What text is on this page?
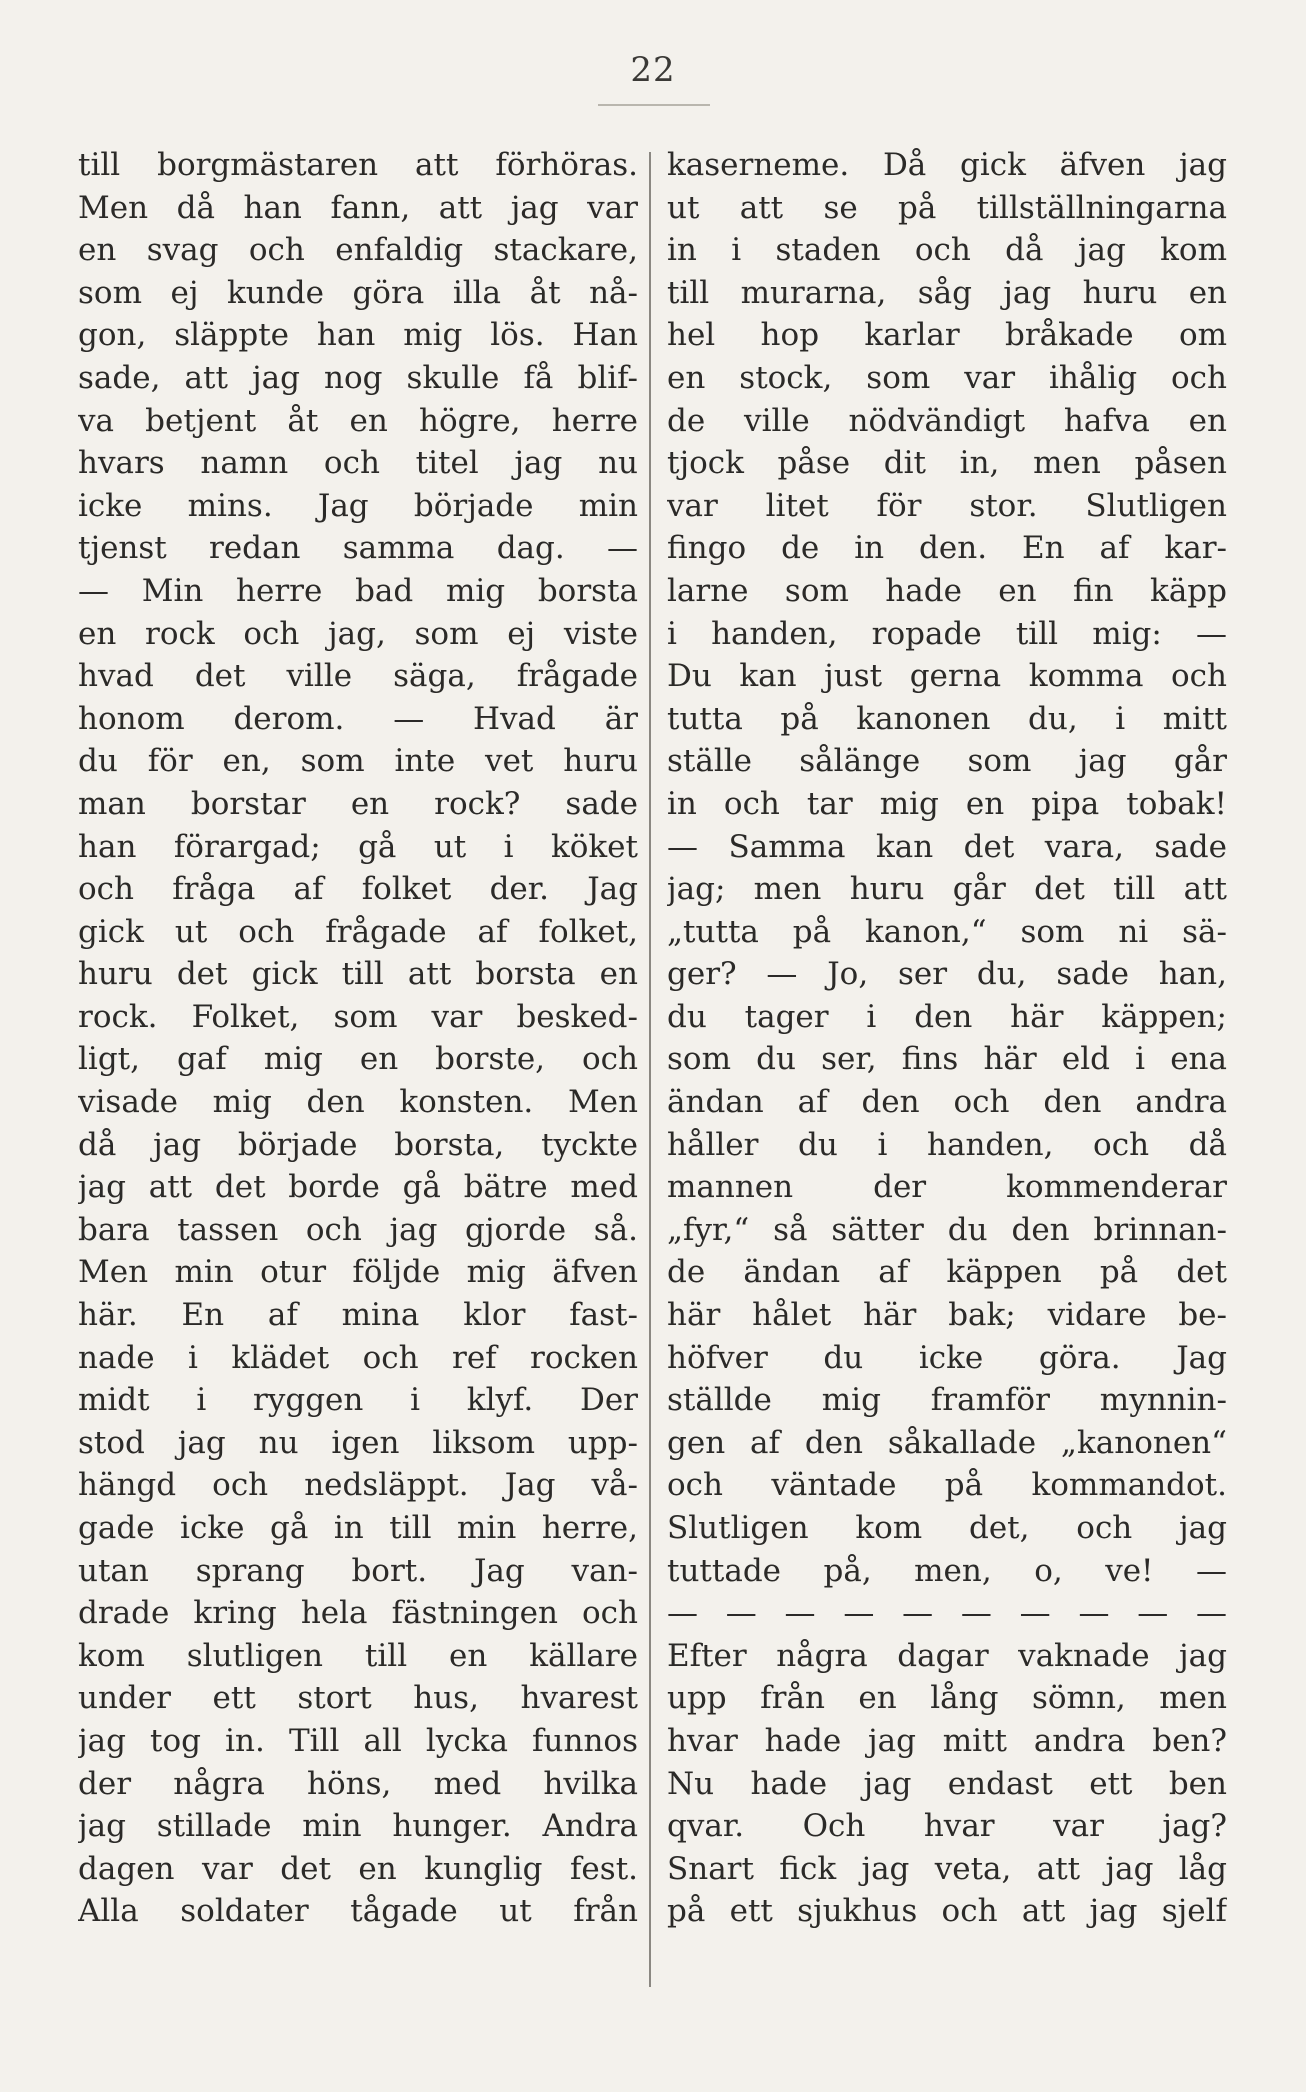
22
till borgmästaren att förhöras.
Men då han fann, att jag var
en svag och enfaldig stackare,
som ej kunde göra illa åt nå-
gon, släppte han mig lös. Han
sade, att jag nog skulle få blif-
va betjent åt en högre, herre
hvars namn och titel jag nu
icke mins. Jag började min
tjenst redan samma dag. —
— Min herre bad mig borsta
en rock och jag, som ej viste
hvad det ville säga, frågade
honom derom. — Hvad är
du för en, som inte vet huru
man borstar en rock? sade
han förargad; gå ut i köket
och fråga af folket der. Jag
gick ut och frågade af folket,
huru det gick till att borsta en
rock. Folket, som var besked-
ligt, gaf mig en borste, och
visade mig den konsten. Men
då jag började borsta, tyckte
jag att det borde gå bätre med
bara tassen och jag gjorde så.
Men min otur följde mig äfven
här. En af mina klor fast-
nade i klädet och ref rocken
midt i ryggen i klyf. Der
stod jag nu igen liksom upp-
hängd och nedsläppt. Jag vå-
gade icke gå in till min herre,
utan sprang bort. Jag van-
drade kring hela fästningen och
kom slutligen till en källare
under ett stort hus, hvarest
jag tog in. Till all lycka funnos
der några höns, med hvilka
jag stillade min hunger. Andra
dagen var det en kunglig fest.
Alla soldater tågade ut från
kaserneme. Då gick äfven jag
ut att se på tillställningarna
in i staden och då jag kom
till murarna, såg jag huru en
hel hop karlar bråkade om
en stock, som var ihålig och
de ville nödvändigt hafva en
tjock påse dit in, men påsen
var litet för stor. Slutligen
fingo de in den. En af kar-
larne som hade en fin käpp
i handen, ropade till mig: —
Du kan just gerna komma och
tutta på kanonen du, i mitt
ställe sålänge som jag går
in och tar mig en pipa tobak!
— Samma kan det vara, sade
jag; men huru går det till att
„tutta på kanon,“ som ni sä-
ger? — Jo, ser du, sade han,
du tager i den här käppen;
som du ser, fins här eld i ena
ändan af den och den andra
håller du i handen, och då
mannen der kommenderar
„fyr,“ så sätter du den brinnan-
de ändan af käppen på det
här hålet här bak; vidare be-
höfver du icke göra. Jag
ställde mig framför mynnin-
gen af den såkallade „kanonen“
och väntade på kommandot.
Slutligen kom det, och jag
tuttade på, men, o, ve! —
— — — — — — — — — —
Efter några dagar vaknade jag
upp från en lång sömn, men
hvar hade jag mitt andra ben?
Nu hade jag endast ett ben
qvar. Och hvar var jag?
Snart fick jag veta, att jag låg
på ett sjukhus och att jag sjelf
